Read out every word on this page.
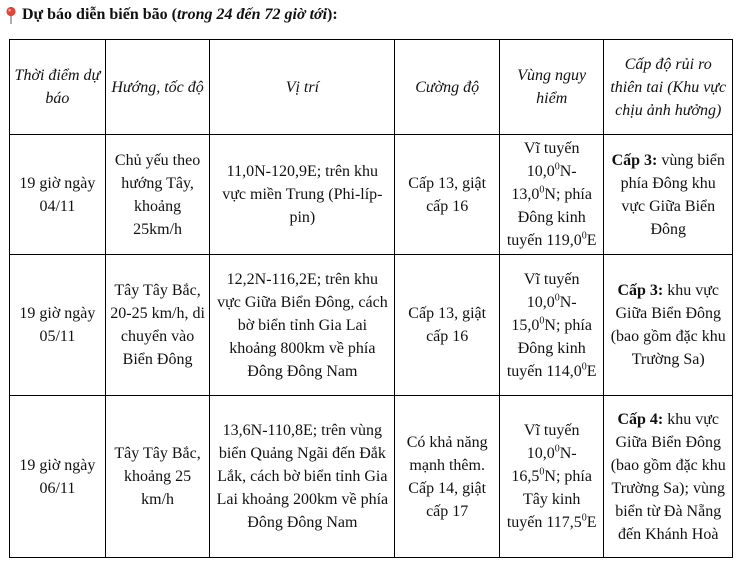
Dự báo diễn biến bão ( trong 24 đến 72 giờ tới ):
Thời điểm dự báo	Hướng, tốc độ	Vị trí	Cường độ	Vùng nguy hiểm	Cấp độ rủi ro thiên tai (Khu vực chịu ảnh hưởng)
19 giờ ngày 04/11	Chủ yếu theo hướng Tây, khoảng 25km/h	11,0N-120,9E; trên khu vực miền Trung (Phi-líp-pin)	Cấp 13, giật cấp 16	Vĩ tuyến 10,0$^0$N-13,0$^0$N; phía Đông kinh tuyến 119,0$^0$E	Cấp 3: vùng biển phía Đông khu vực Giữa Biển Đông
19 giờ ngày 05/11	Tây Tây Bắc, 20-25 km/h, di chuyển vào Biển Đông	12,2N-116,2E; trên khu vực Giữa Biển Đông, cách bờ biển tỉnh Gia Lai khoảng 800km về phía Đông Đông Nam	Cấp 13, giật cấp 16	Vĩ tuyến 10,0$^0$N-15,0$^0$N; phía Đông kinh tuyến 114,0$^0$E	Cấp 3: khu vực Giữa Biển Đông (bao gồm đặc khu Trường Sa)
19 giờ ngày 06/11	Tây Tây Bắc, khoảng 25 km/h	13,6N-110,8E; trên vùng biển Quảng Ngãi đến Đắk Lắk, cách bờ biển tỉnh Gia Lai khoảng 200km về phía Đông Đông Nam	Có khả năng mạnh thêm. Cấp 14, giật cấp 17	Vĩ tuyến 10,0$^0$N-16,5$^0$N; phía Tây kinh tuyến 117,5$^0$E	Cấp 4: khu vực Giữa Biển Đông (bao gồm đặc khu Trường Sa); vùng biển từ Đà Nẵng đến Khánh Hoà
